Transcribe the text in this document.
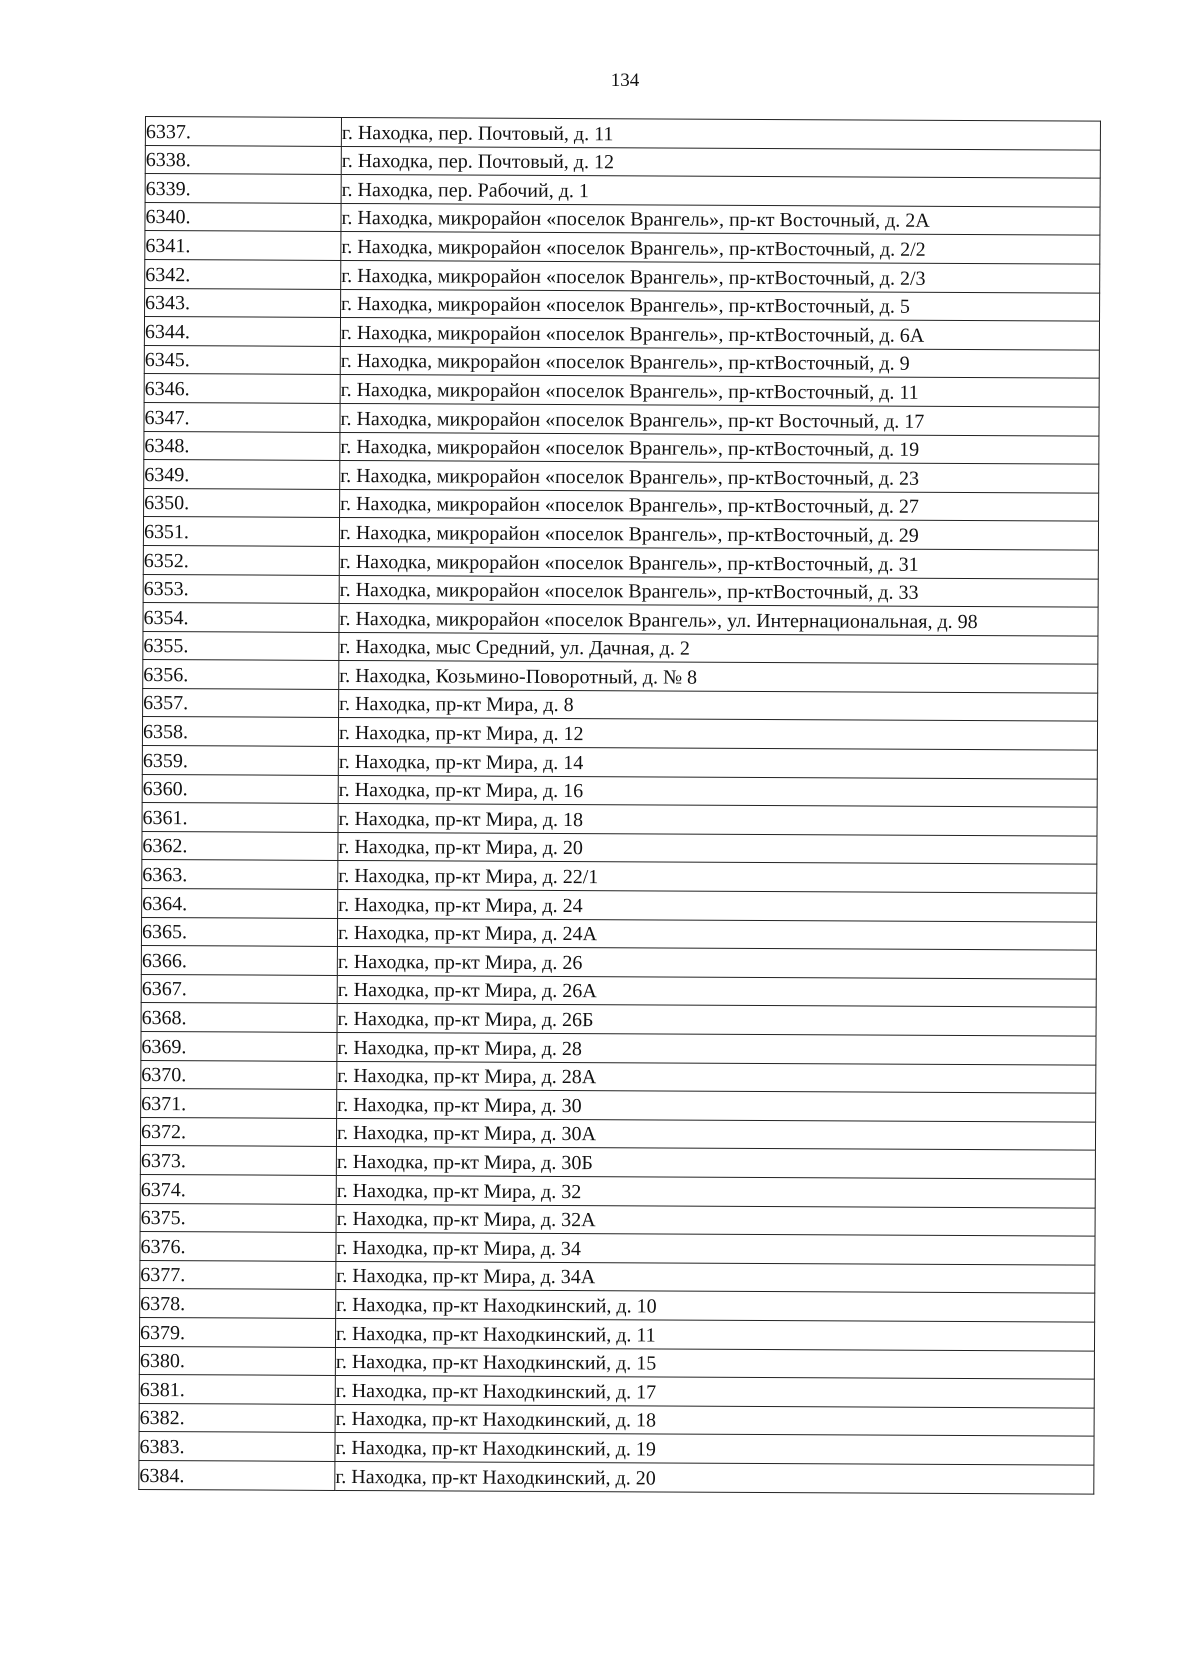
134
6337.	г. Находка, пер. Почтовый, д. 11
6338.	г. Находка, пер. Почтовый, д. 12
6339.	г. Находка, пер. Рабочий, д. 1
6340.	г. Находка, микрорайон «поселок Врангель», пр-кт Восточный, д. 2А
6341.	г. Находка, микрорайон «поселок Врангель», пр-ктВосточный, д. 2/2
6342.	г. Находка, микрорайон «поселок Врангель», пр-ктВосточный, д. 2/3
6343.	г. Находка, микрорайон «поселок Врангель», пр-ктВосточный, д. 5
6344.	г. Находка, микрорайон «поселок Врангель», пр-ктВосточный, д. 6А
6345.	г. Находка, микрорайон «поселок Врангель», пр-ктВосточный, д. 9
6346.	г. Находка, микрорайон «поселок Врангель», пр-ктВосточный, д. 11
6347.	г. Находка, микрорайон «поселок Врангель», пр-кт Восточный, д. 17
6348.	г. Находка, микрорайон «поселок Врангель», пр-ктВосточный, д. 19
6349.	г. Находка, микрорайон «поселок Врангель», пр-ктВосточный, д. 23
6350.	г. Находка, микрорайон «поселок Врангель», пр-ктВосточный, д. 27
6351.	г. Находка, микрорайон «поселок Врангель», пр-ктВосточный, д. 29
6352.	г. Находка, микрорайон «поселок Врангель», пр-ктВосточный, д. 31
6353.	г. Находка, микрорайон «поселок Врангель», пр-ктВосточный, д. 33
6354.	г. Находка, микрорайон «поселок Врангель», ул. Интернациональная, д. 98
6355.	г. Находка, мыс Средний, ул. Дачная, д. 2
6356.	г. Находка, Козьмино-Поворотный, д. № 8
6357.	г. Находка, пр-кт Мира, д. 8
6358.	г. Находка, пр-кт Мира, д. 12
6359.	г. Находка, пр-кт Мира, д. 14
6360.	г. Находка, пр-кт Мира, д. 16
6361.	г. Находка, пр-кт Мира, д. 18
6362.	г. Находка, пр-кт Мира, д. 20
6363.	г. Находка, пр-кт Мира, д. 22/1
6364.	г. Находка, пр-кт Мира, д. 24
6365.	г. Находка, пр-кт Мира, д. 24А
6366.	г. Находка, пр-кт Мира, д. 26
6367.	г. Находка, пр-кт Мира, д. 26А
6368.	г. Находка, пр-кт Мира, д. 26Б
6369.	г. Находка, пр-кт Мира, д. 28
6370.	г. Находка, пр-кт Мира, д. 28А
6371.	г. Находка, пр-кт Мира, д. 30
6372.	г. Находка, пр-кт Мира, д. 30А
6373.	г. Находка, пр-кт Мира, д. 30Б
6374.	г. Находка, пр-кт Мира, д. 32
6375.	г. Находка, пр-кт Мира, д. 32А
6376.	г. Находка, пр-кт Мира, д. 34
6377.	г. Находка, пр-кт Мира, д. 34А
6378.	г. Находка, пр-кт Находкинский, д. 10
6379.	г. Находка, пр-кт Находкинский, д. 11
6380.	г. Находка, пр-кт Находкинский, д. 15
6381.	г. Находка, пр-кт Находкинский, д. 17
6382.	г. Находка, пр-кт Находкинский, д. 18
6383.	г. Находка, пр-кт Находкинский, д. 19
6384.	г. Находка, пр-кт Находкинский, д. 20
